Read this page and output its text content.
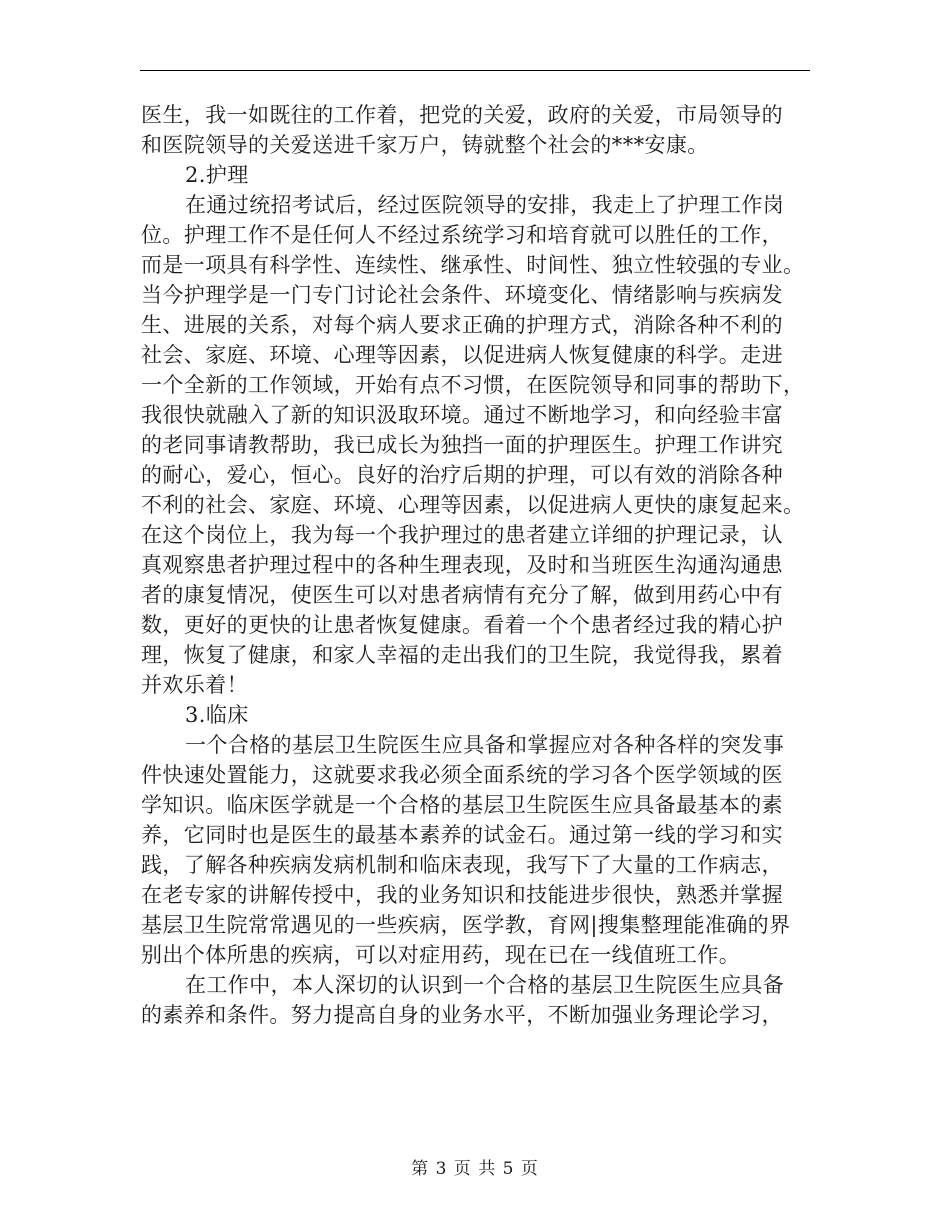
医生，我一如既往的工作着，把党的关爱，政府的关爱，市局领导的
和医院领导的关爱送进千家万户，铸就整个社会的***安康。
2.护理
在通过统招考试后，经过医院领导的安排，我走上了护理工作岗
位。护理工作不是任何人不经过系统学习和培育就可以胜任的工作，
而是一项具有科学性、连续性、继承性、时间性、独立性较强的专业。
当今护理学是一门专门讨论社会条件、环境变化、情绪影响与疾病发
生、进展的关系，对每个病人要求正确的护理方式，消除各种不利的
社会、家庭、环境、心理等因素，以促进病人恢复健康的科学。走进
一个全新的工作领域，开始有点不习惯，在医院领导和同事的帮助下，
我很快就融入了新的知识汲取环境。通过不断地学习，和向经验丰富
的老同事请教帮助，我已成长为独挡一面的护理医生。护理工作讲究
的耐心，爱心，恒心。良好的治疗后期的护理，可以有效的消除各种
不利的社会、家庭、环境、心理等因素，以促进病人更快的康复起来。
在这个岗位上，我为每一个我护理过的患者建立详细的护理记录，认
真观察患者护理过程中的各种生理表现，及时和当班医生沟通沟通患
者的康复情况，使医生可以对患者病情有充分了解，做到用药心中有
数，更好的更快的让患者恢复健康。看着一个个患者经过我的精心护
理，恢复了健康，和家人幸福的走出我们的卫生院，我觉得我，累着
并欢乐着！
3.临床
一个合格的基层卫生院医生应具备和掌握应对各种各样的突发事
件快速处置能力，这就要求我必须全面系统的学习各个医学领域的医
学知识。临床医学就是一个合格的基层卫生院医生应具备最基本的素
养，它同时也是医生的最基本素养的试金石。通过第一线的学习和实
践，了解各种疾病发病机制和临床表现，我写下了大量的工作病志，
在老专家的讲解传授中，我的业务知识和技能进步很快，熟悉并掌握
基层卫生院常常遇见的一些疾病，医学教，育网|搜集整理能准确的界
别出个体所患的疾病，可以对症用药，现在已在一线值班工作。
在工作中，本人深切的认识到一个合格的基层卫生院医生应具备
的素养和条件。努力提高自身的业务水平，不断加强业务理论学习，
第 3 页 共 5 页
